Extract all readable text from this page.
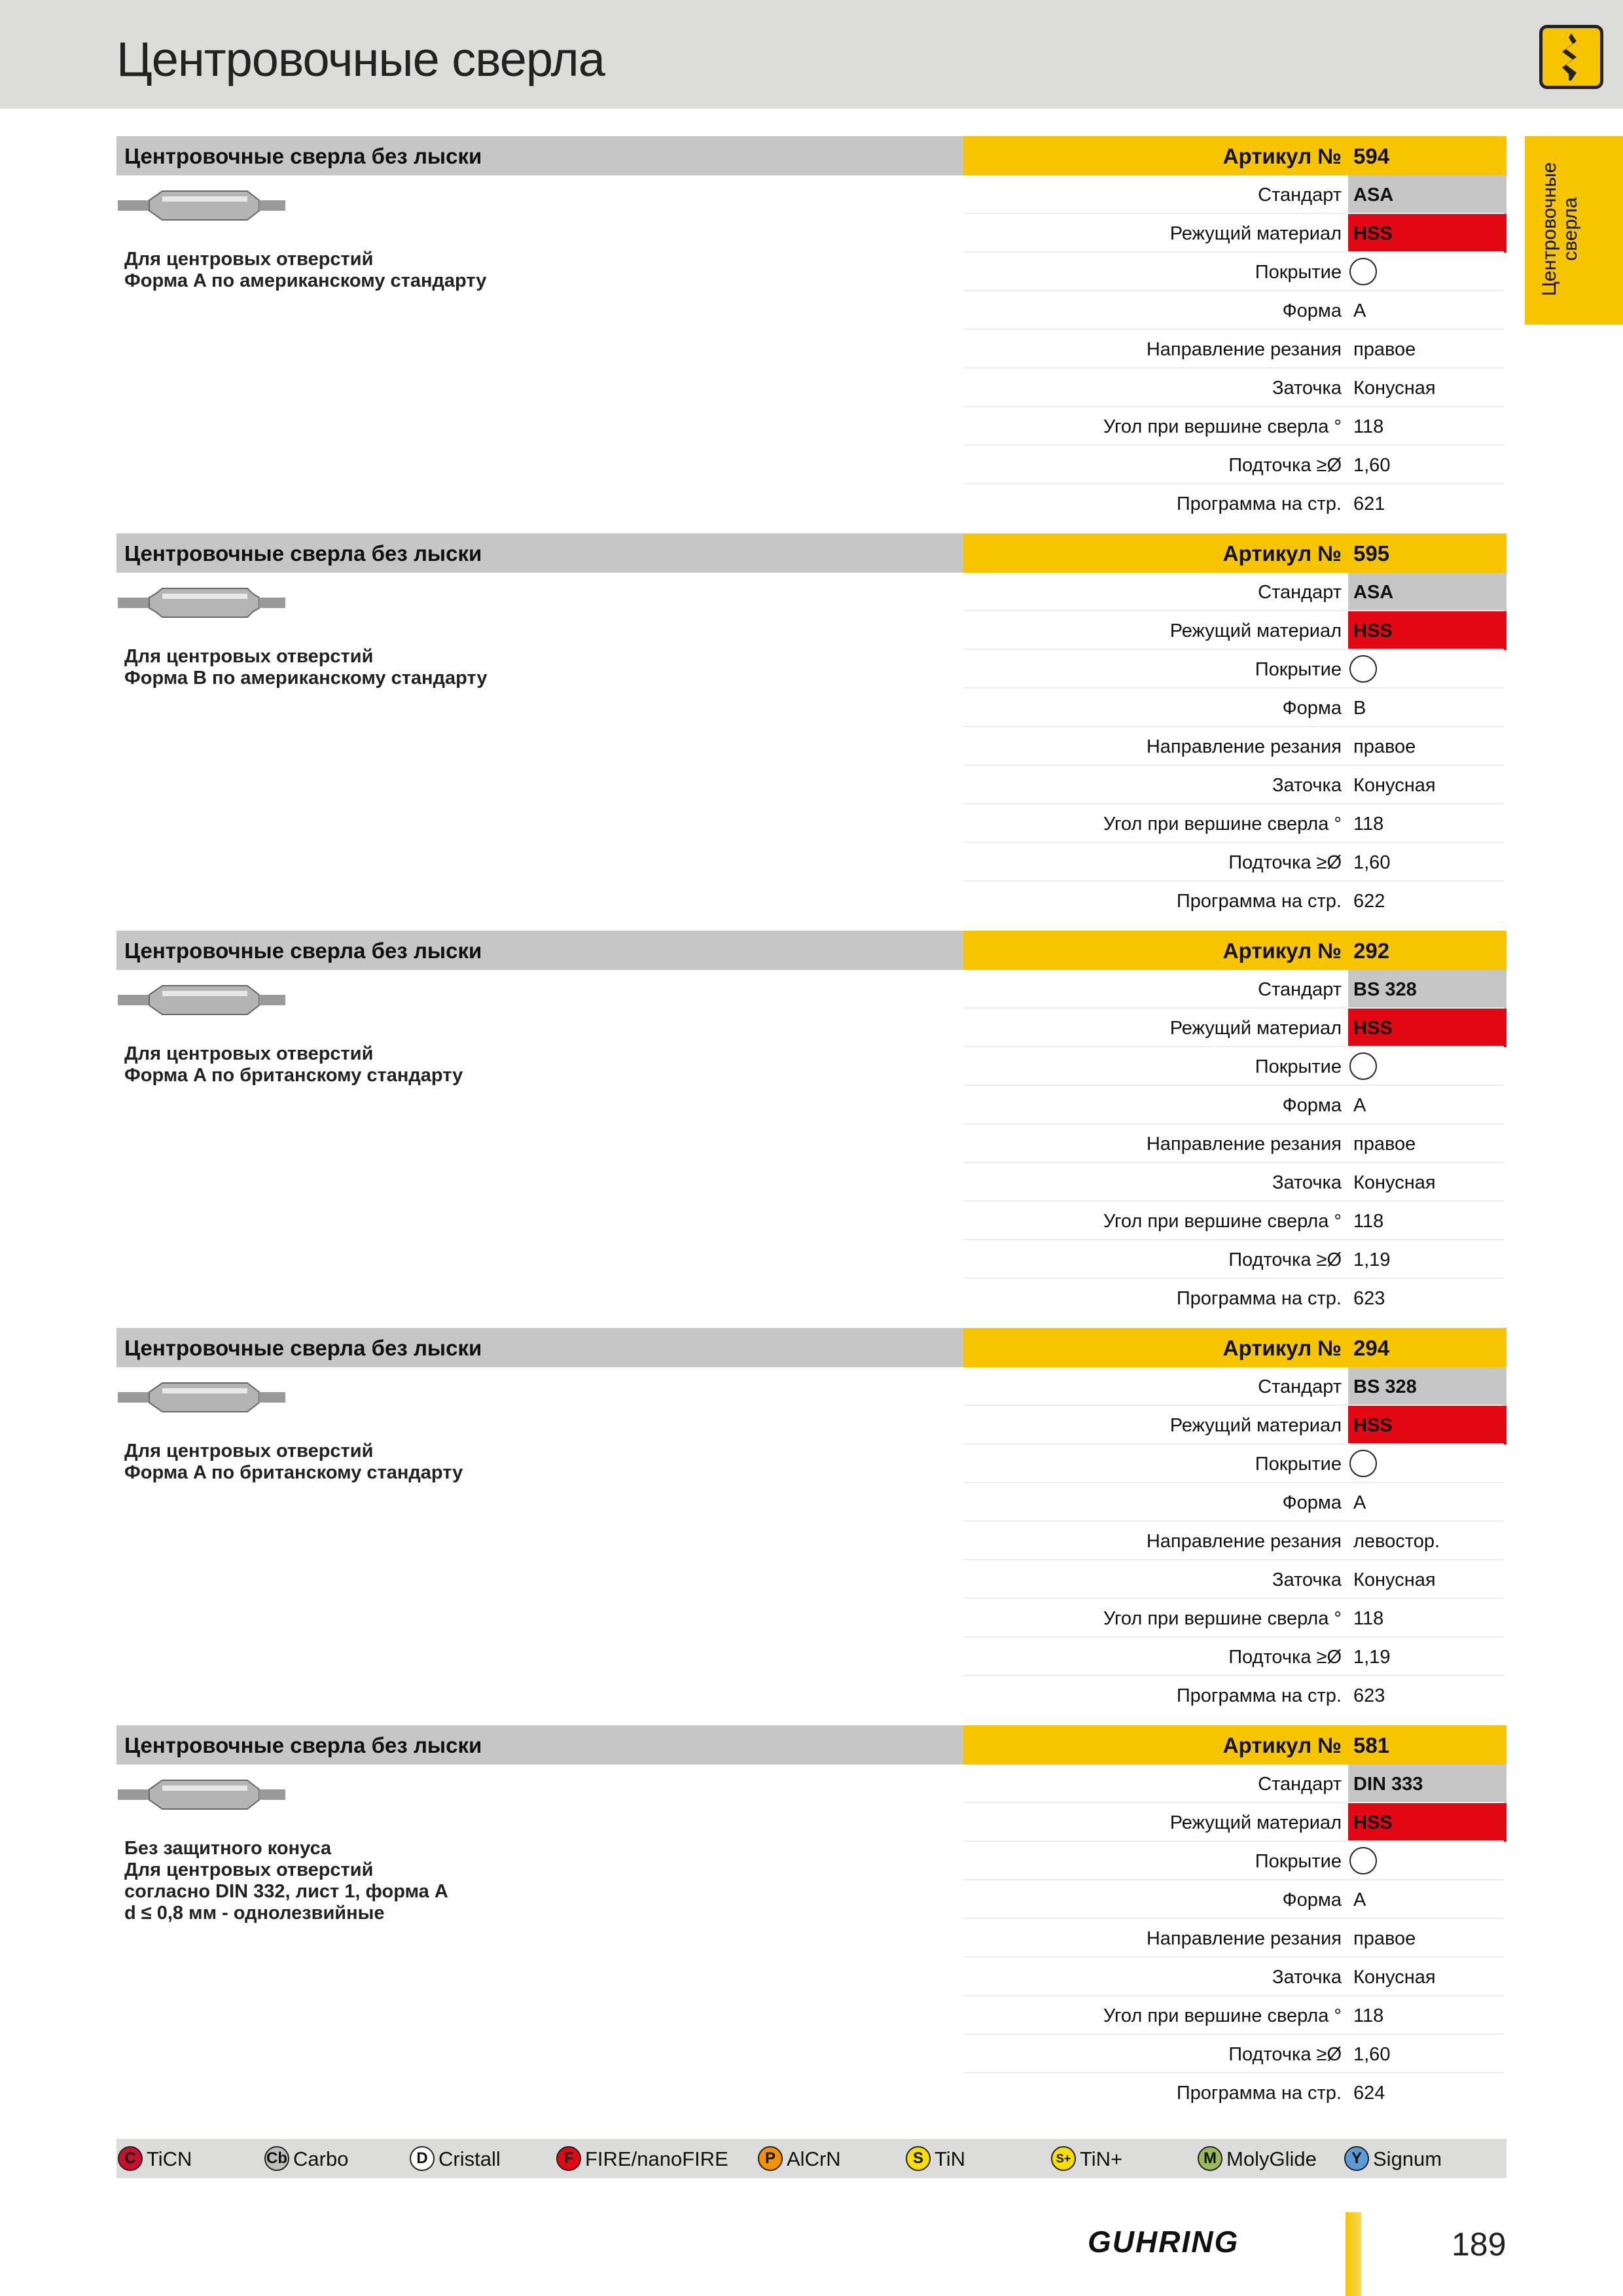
Центровочные сверла
Центровочные сверла
Центровочные сверла без лыски	Артикул № 594
Для центровых отверстий
Форма A по американскому стандарту
Стандарт ASA
Режущий материал HSS
Покрытие
Форма A
Направление резания правое
Заточка Конусная
Угол при вершине сверла ° 118
Подточка ≥Ø 1,60
Программа на стр. 621
Центровочные сверла без лыски	Артикул № 595
Для центровых отверстий
Форма B по американскому стандарту
Стандарт ASA
Режущий материал HSS
Покрытие
Форма B
Направление резания правое
Заточка Конусная
Угол при вершине сверла ° 118
Подточка ≥Ø 1,60
Программа на стр. 622
Центровочные сверла без лыски	Артикул № 292
Для центровых отверстий
Форма A по британскому стандарту
Стандарт BS 328
Режущий материал HSS
Покрытие
Форма A
Направление резания правое
Заточка Конусная
Угол при вершине сверла ° 118
Подточка ≥Ø 1,19
Программа на стр. 623
Центровочные сверла без лыски	Артикул № 294
Для центровых отверстий
Форма A по британскому стандарту
Стандарт BS 328
Режущий материал HSS
Покрытие
Форма A
Направление резания левостор.
Заточка Конусная
Угол при вершине сверла ° 118
Подточка ≥Ø 1,19
Программа на стр. 623
Центровочные сверла без лыски	Артикул № 581
Без защитного конуса
Для центровых отверстий
согласно DIN 332, лист 1, форма A
d ≤ 0,8 мм - однолезвийные
Стандарт DIN 333
Режущий материал HSS
Покрытие
Форма A
Направление резания правое
Заточка Конусная
Угол при вершине сверла ° 118
Подточка ≥Ø 1,60
Программа на стр. 624
C TiCN	Cb Carbo	D Cristall	F FIRE/nanoFIRE	P AlCrN	S TiN	S+ TiN+	M MolyGlide	Y Signum
GUHRING	189
